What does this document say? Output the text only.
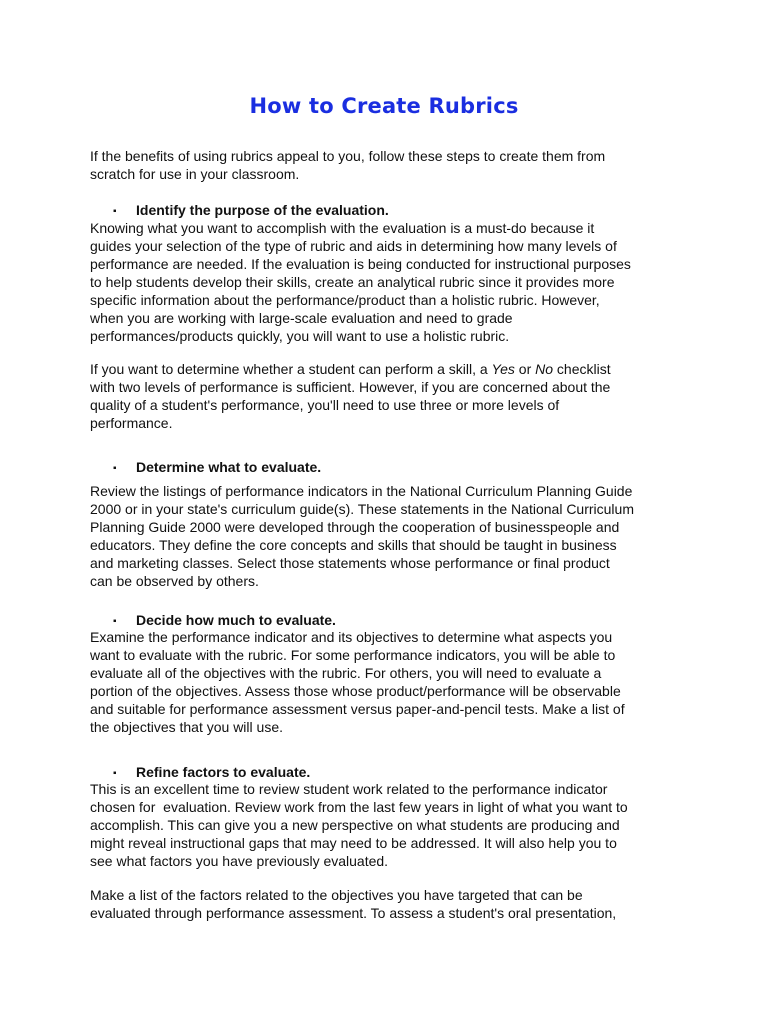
How to Create Rubrics

If the benefits of using rubrics appeal to you, follow these steps to create them from
scratch for use in your classroom.

▪ Identify the purpose of the evaluation.

Knowing what you want to accomplish with the evaluation is a must-do because it
guides your selection of the type of rubric and aids in determining how many levels of
performance are needed. If the evaluation is being conducted for instructional purposes
to help students develop their skills, create an analytical rubric since it provides more
specific information about the performance/product than a holistic rubric. However,
when you are working with large-scale evaluation and need to grade
performances/products quickly, you will want to use a holistic rubric.

If you want to determine whether a student can perform a skill, a Yes or No checklist
with two levels of performance is sufficient. However, if you are concerned about the
quality of a student's performance, you'll need to use three or more levels of
performance.

▪ Determine what to evaluate.

Review the listings of performance indicators in the National Curriculum Planning Guide
2000 or in your state's curriculum guide(s). These statements in the National Curriculum
Planning Guide 2000 were developed through the cooperation of businesspeople and
educators. They define the core concepts and skills that should be taught in business
and marketing classes. Select those statements whose performance or final product
can be observed by others.

▪ Decide how much to evaluate.

Examine the performance indicator and its objectives to determine what aspects you
want to evaluate with the rubric. For some performance indicators, you will be able to
evaluate all of the objectives with the rubric. For others, you will need to evaluate a
portion of the objectives. Assess those whose product/performance will be observable
and suitable for performance assessment versus paper-and-pencil tests. Make a list of
the objectives that you will use.

▪ Refine factors to evaluate.

This is an excellent time to review student work related to the performance indicator
chosen for  evaluation. Review work from the last few years in light of what you want to
accomplish. This can give you a new perspective on what students are producing and
might reveal instructional gaps that may need to be addressed. It will also help you to
see what factors you have previously evaluated.

Make a list of the factors related to the objectives you have targeted that can be
evaluated through performance assessment. To assess a student's oral presentation,
